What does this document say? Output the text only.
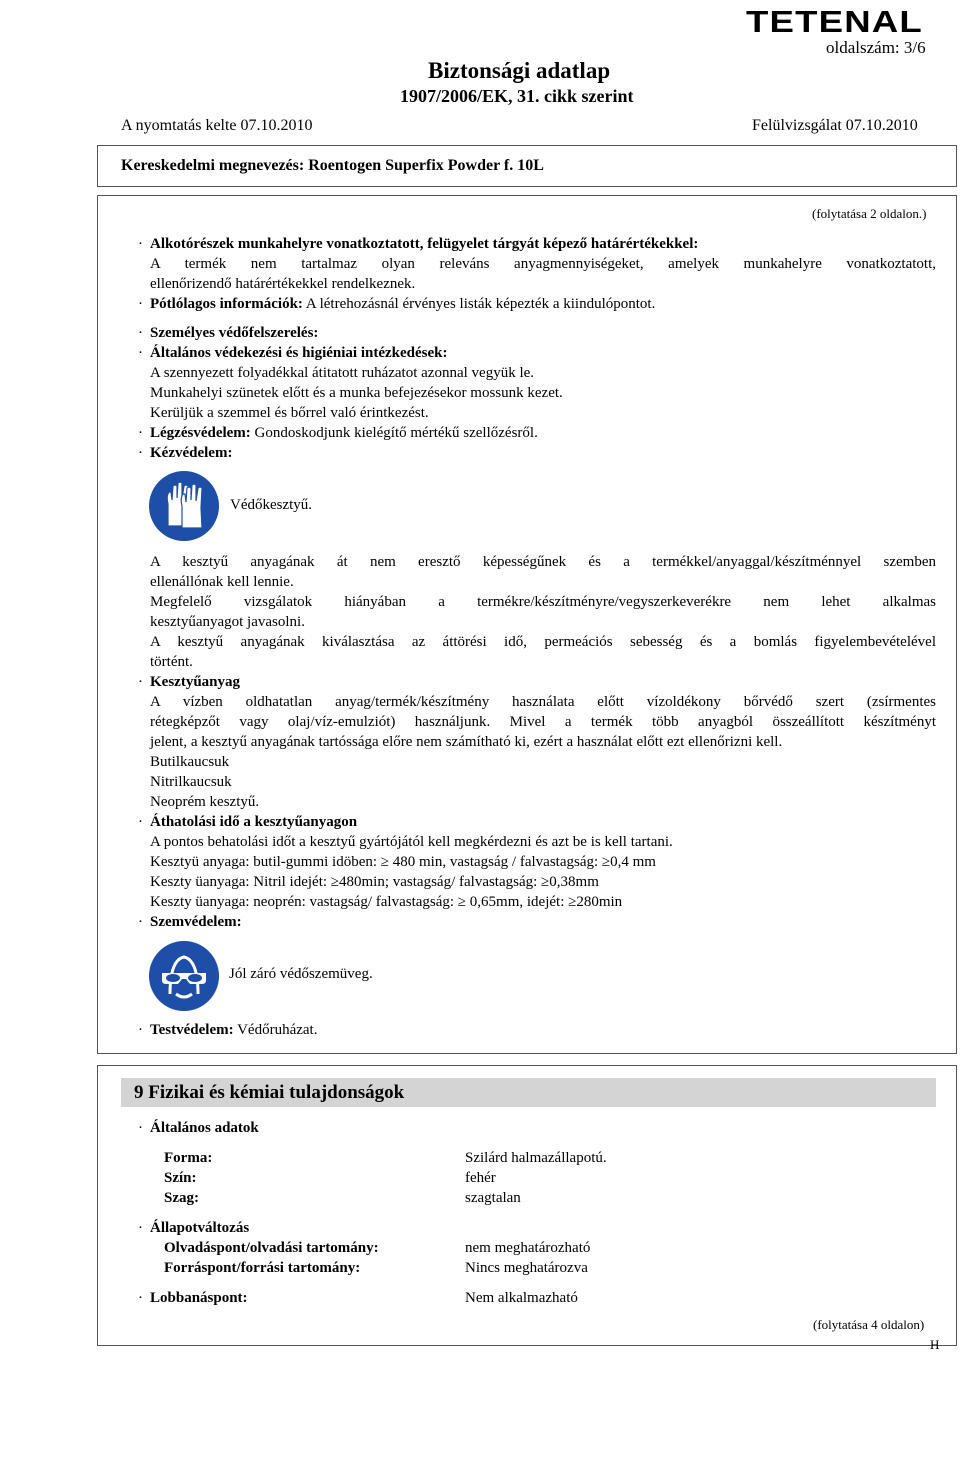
TETENAL
oldalszám: 3/6
Biztonsági adatlap
1907/2006/EK, 31. cikk szerint
A nyomtatás kelte 07.10.2010	Felülvizsgálat 07.10.2010
Kereskedelmi megnevezés: Roentogen Superfix Powder f. 10L
(folytatása 2 oldalon.)
· Alkotórészek munkahelyre vonatkoztatott, felügyelet tárgyát képező határértékekkel:
A termék nem tartalmaz olyan releváns anyagmennyiségeket, amelyek munkahelyre vonatkoztatott,
ellenőrizendő határértékekkel rendelkeznek.
· Pótlólagos információk: A létrehozásnál érvényes listák képezték a kiindulópontot.
· Személyes védőfelszerelés:
· Általános védekezési és higiéniai intézkedések:
A szennyezett folyadékkal átitatott ruházatot azonnal vegyük le.
Munkahelyi szünetek előtt és a munka befejezésekor mossunk kezet.
Kerüljük a szemmel és bőrrel való érintkezést.
· Légzésvédelem: Gondoskodjunk kielégítő mértékű szellőzésről.
· Kézvédelem:
Védőkesztyű.
A kesztyű anyagának át nem eresztő képességűnek és a termékkel/anyaggal/készítménnyel szemben
ellenállónak kell lennie.
Megfelelő vizsgálatok hiányában a termékre/készítményre/vegyszerkeverékre nem lehet alkalmas
kesztyűanyagot javasolni.
A kesztyű anyagának kiválasztása az áttörési idő, permeációs sebesség és a bomlás figyelembevételével
történt.
· Kesztyűanyag
A vízben oldhatatlan anyag/termék/készítmény használata előtt vízoldékony bőrvédő szert (zsírmentes
rétegképzőt vagy olaj/víz-emulziót) használjunk. Mivel a termék több anyagból összeállított készítményt
jelent, a kesztyű anyagának tartóssága előre nem számítható ki, ezért a használat előtt ezt ellenőrizni kell.
Butilkaucsuk
Nitrilkaucsuk
Neoprém kesztyű.
· Áthatolási idő a kesztyűanyagon
A pontos behatolási időt a kesztyű gyártójától kell megkérdezni és azt be is kell tartani.
Kesztyü anyaga: butil-gummi idöben: ≥ 480 min, vastagság / falvastagság: ≥0,4 mm
Keszty üanyaga: Nitril idejét: ≥480min; vastagság/ falvastagság: ≥0,38mm
Keszty üanyaga: neoprén: vastagság/ falvastagság: ≥ 0,65mm, idejét: ≥280min
· Szemvédelem:
Jól záró védőszemüveg.
· Testvédelem: Védőruházat.
9 Fizikai és kémiai tulajdonságok
· Általános adatok
Forma:	Szilárd halmazállapotú.
Szín:	fehér
Szag:	szagtalan
· Állapotváltozás
Olvadáspont/olvadási tartomány:	nem meghatározható
Forráspont/forrási tartomány:	Nincs meghatározva
· Lobbanáspont:	Nem alkalmazható
(folytatása 4 oldalon)
H
